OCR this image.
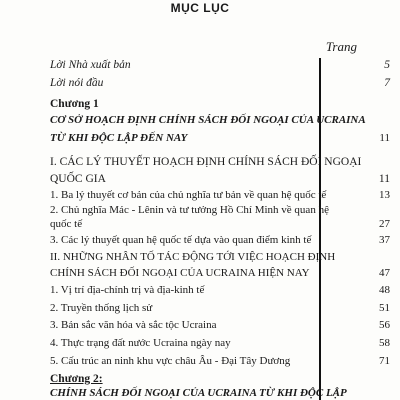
MỤC LỤC
Trang
Lời Nhà xuất bản	5
Lời nói đầu	7
Chương 1
CƠ SỞ HOẠCH ĐỊNH CHÍNH SÁCH ĐỐI NGOẠI CỦA UCRAINA
TỪ KHI ĐỘC LẬP ĐẾN NAY	11
I. CÁC LÝ THUYẾT HOẠCH ĐỊNH CHÍNH SÁCH ĐỐI NGOẠI
QUỐC GIA	11
1. Ba lý thuyết cơ bản của chủ nghĩa tư bản về quan hệ quốc tế	13
2. Chủ nghĩa Mác - Lênin và tư tưởng Hồ Chí Minh về quan hệ
quốc tế	27
3. Các lý thuyết quan hệ quốc tế dựa vào quan điểm kinh tế	37
II. NHỮNG NHÂN TỐ TÁC ĐỘNG TỚI VIỆC HOẠCH ĐỊNH
CHÍNH SÁCH ĐỐI NGOẠI CỦA UCRAINA HIỆN NAY	47
1. Vị trí địa-chính trị và địa-kinh tế	48
2. Truyền thống lịch sử	51
3. Bản sắc văn hóa và sắc tộc Ucraina	56
4. Thực trạng đất nước Ucraina ngày nay	58
5. Cấu trúc an ninh khu vực châu Âu - Đại Tây Dương	71
Chương 2:
CHÍNH SÁCH ĐỐI NGOẠI CỦA UCRAINA TỪ KHI ĐỘC LẬP
